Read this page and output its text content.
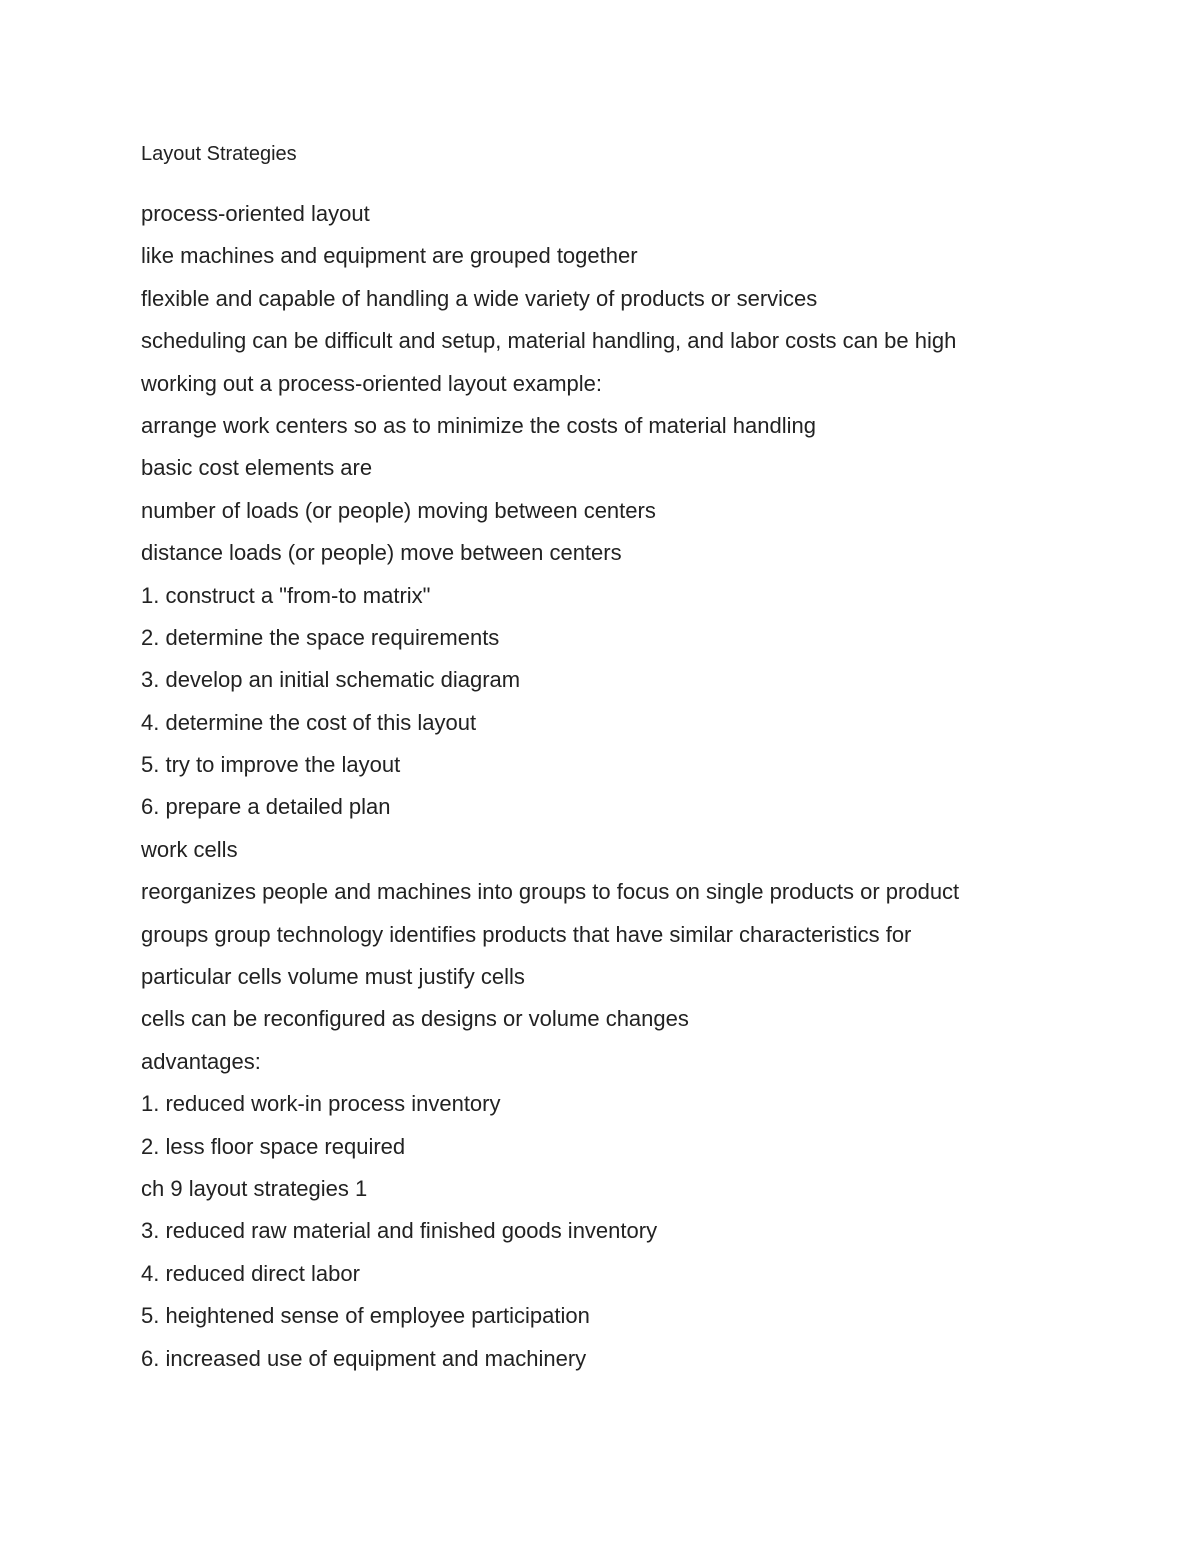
Layout Strategies
process-oriented layout
like machines and equipment are grouped together
flexible and capable of handling a wide variety of products or services
scheduling can be difficult and setup, material handling, and labor costs can be high
working out a process-oriented layout example:
arrange work centers so as to minimize the costs of material handling
basic cost elements are
number of loads (or people) moving between centers
distance loads (or people) move between centers
1. construct a "from-to matrix"
2. determine the space requirements
3. develop an initial schematic diagram
4. determine the cost of this layout
5. try to improve the layout
6. prepare a detailed plan
work cells
reorganizes people and machines into groups to focus on single products or product
groups group technology identifies products that have similar characteristics for
particular cells volume must justify cells
cells can be reconfigured as designs or volume changes
advantages:
1. reduced work-in process inventory
2. less floor space required
ch 9 layout strategies 1
3. reduced raw material and finished goods inventory
4. reduced direct labor
5. heightened sense of employee participation
6. increased use of equipment and machinery
